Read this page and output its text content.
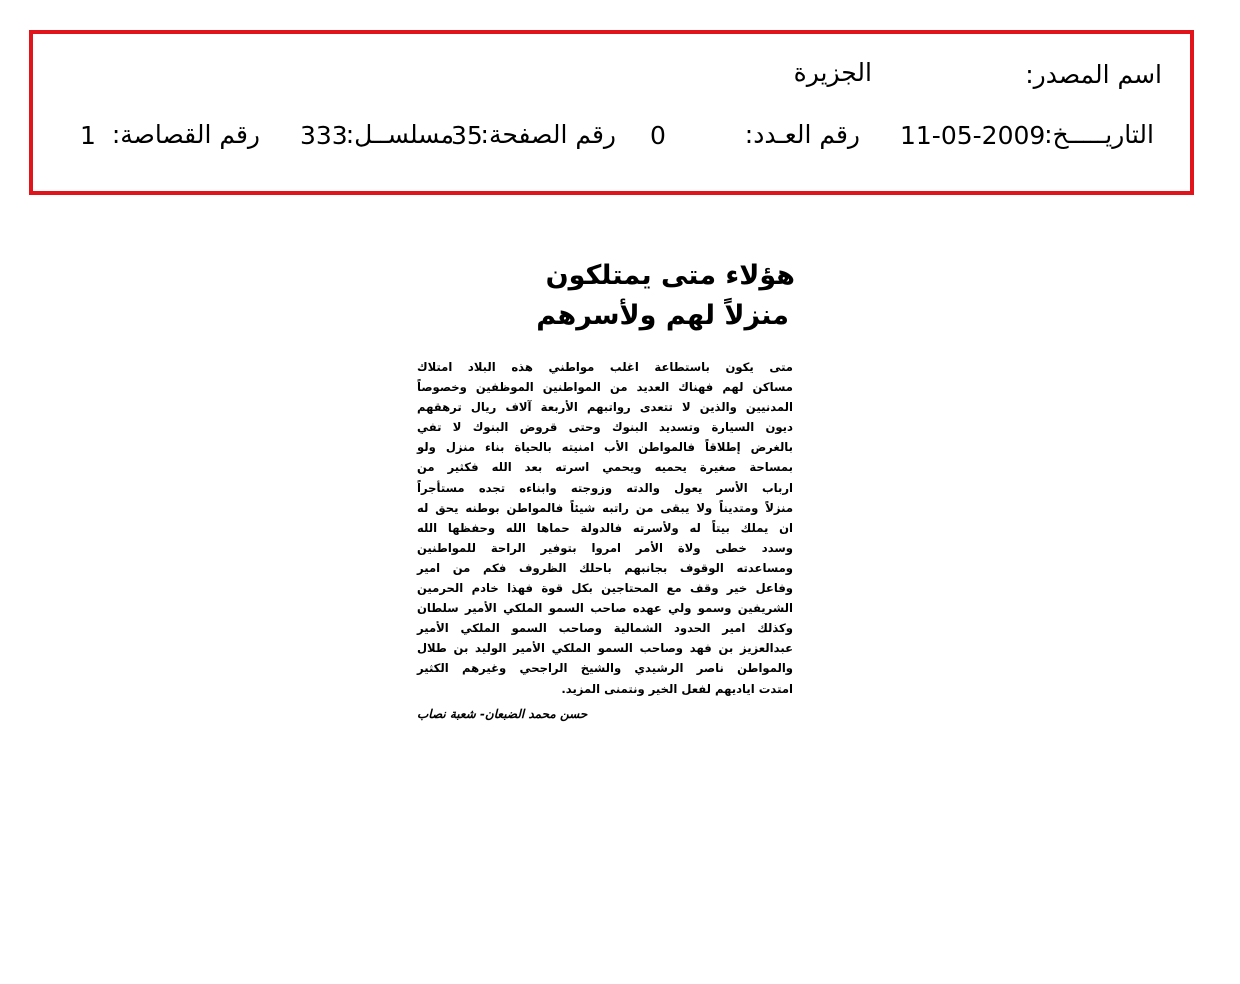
اسم المصدر:
الجزيرة
التاريـــــخ:
11-05-2009
رقم العـدد:
0
رقم الصفحة:
35
مسلســل:
333
رقم القصاصة:
1
هؤلاء متى يمتلكون
منزلاً لهم ولأسرهم
متى يكون باستطاعة اغلب مواطني هذه البلاد امتلاك
مساكن لهم فهناك العديد من المواطنين الموظفين وخصوصاً
المدنيين والذين لا تتعدى رواتبهم الأربعة آلاف ريال ترهقهم
ديون السيارة وتسديد البنوك وحتى قروض البنوك لا تفي
بالغرض إطلاقاً فالمواطن الأب امنيته بالحياة بناء منزل ولو
بمساحة صغيرة يحميه ويحمي اسرته بعد الله فكثير من
ارباب الأسر يعول والدته وزوجته وابناءه تجده مستأجراً
منزلاً ومتديناً ولا يبقى من راتبه شيئاً فالمواطن بوطنه يحق له
ان يملك بيتاً له ولأسرته فالدولة حماها الله وحفظها الله
وسدد خطى ولاة الأمر امروا بتوفير الراحة للمواطنين
ومساعدته الوقوف بجانبهم باحلك الظروف فكم من امير
وفاعل خير وقف مع المحتاجين بكل قوة فهذا خادم الحرمين
الشريفين وسمو ولي عهده صاحب السمو الملكي الأمير سلطان
وكذلك امير الحدود الشمالية وصاحب السمو الملكي الأمير
عبدالعزيز بن فهد وصاحب السمو الملكي الأمير الوليد بن طلال
والمواطن ناصر الرشيدي والشيخ الراجحي وغيرهم الكثير
امتدت اياديهم لفعل الخير ونتمنى المزيد.
حسن محمد الضبعان- شعبة نصاب
